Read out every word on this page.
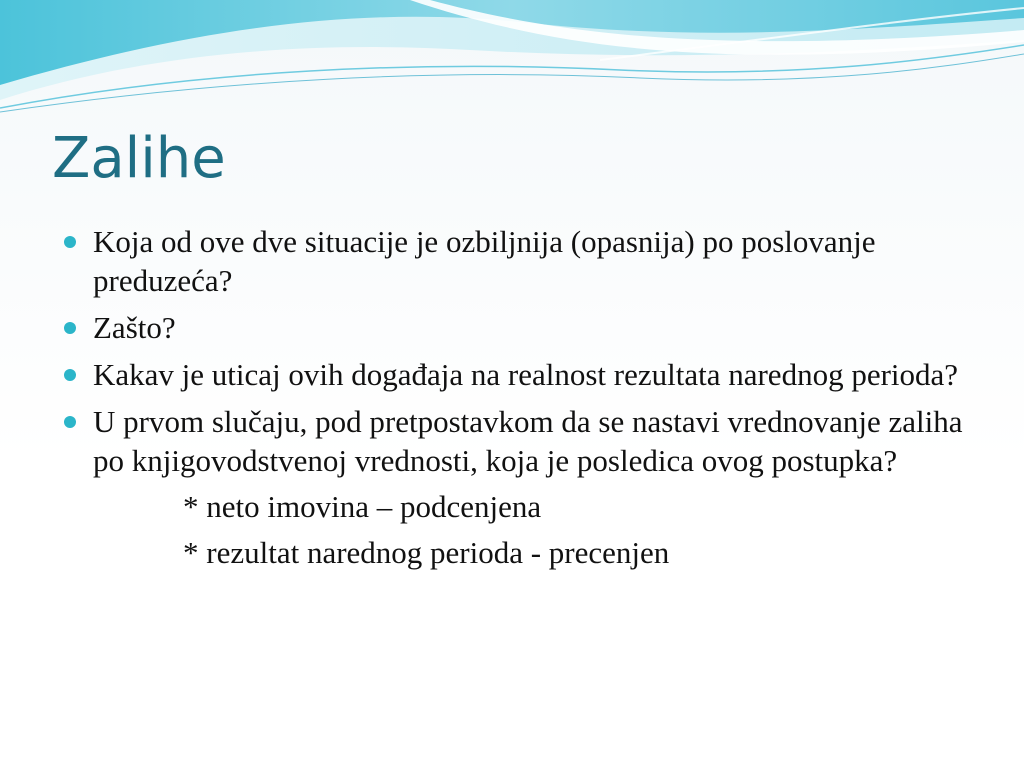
Zalihe
Koja od ove dve situacije je ozbiljnija (opasnija) po poslovanje preduzeća?
Zašto?
Kakav je uticaj ovih događaja na realnost rezultata narednog perioda?
U prvom slučaju, pod pretpostavkom da se nastavi vrednovanje zaliha po knjigovodstvenoj vrednosti, koja je posledica ovog postupka?

* neto imovina – podcenjena

* rezultat narednog perioda - precenjen
